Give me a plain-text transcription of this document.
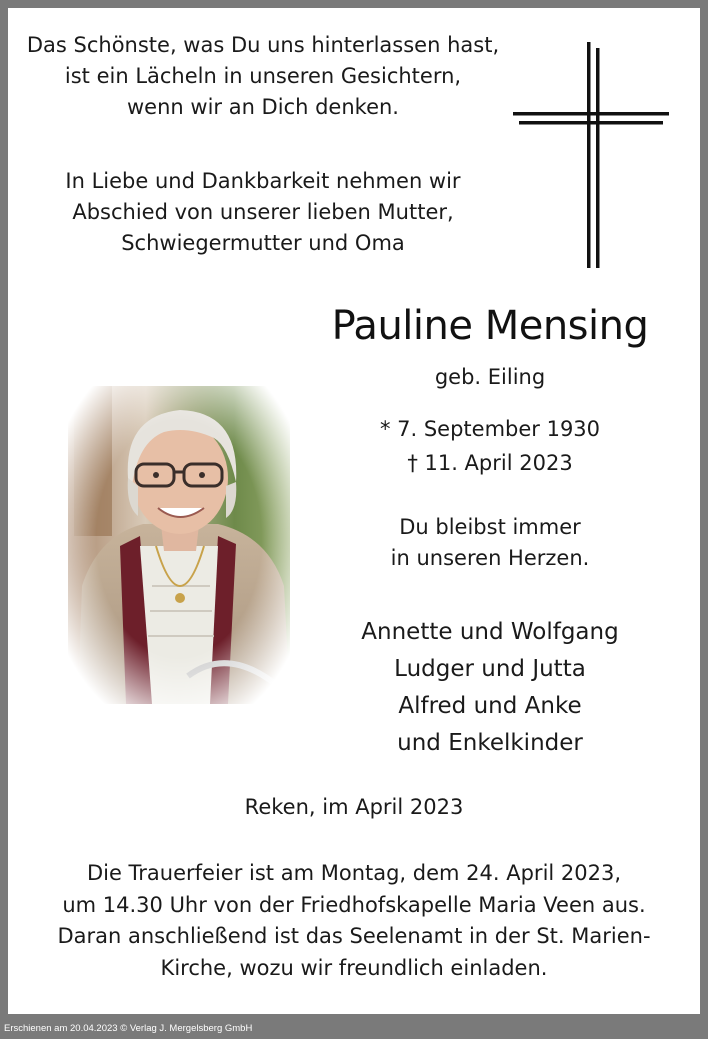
Das Schönste, was Du uns hinterlassen hast,

ist ein Lächeln in unseren Gesichtern,

wenn wir an Dich denken.

In Liebe und Dankbarkeit nehmen wir

Abschied von unserer lieben Mutter,

Schwiegermutter und Oma

Pauline Mensing
geb. Eiling
* 7. September 1930
† 11. April 2023

Du bleibst immer

in unseren Herzen.

Annette und Wolfgang
Ludger und Jutta
Alfred und Anke
und Enkelkinder
Reken, im April 2023
Die Trauerfeier ist am Montag, dem 24. April 2023,
um 14.30 Uhr von der Friedhofskapelle Maria Veen aus.
Daran anschließend ist das Seelenamt in der St. Marien-
Kirche, wozu wir freundlich einladen.
Erschienen am 20.04.2023 © Verlag J. Mergelsberg GmbH
